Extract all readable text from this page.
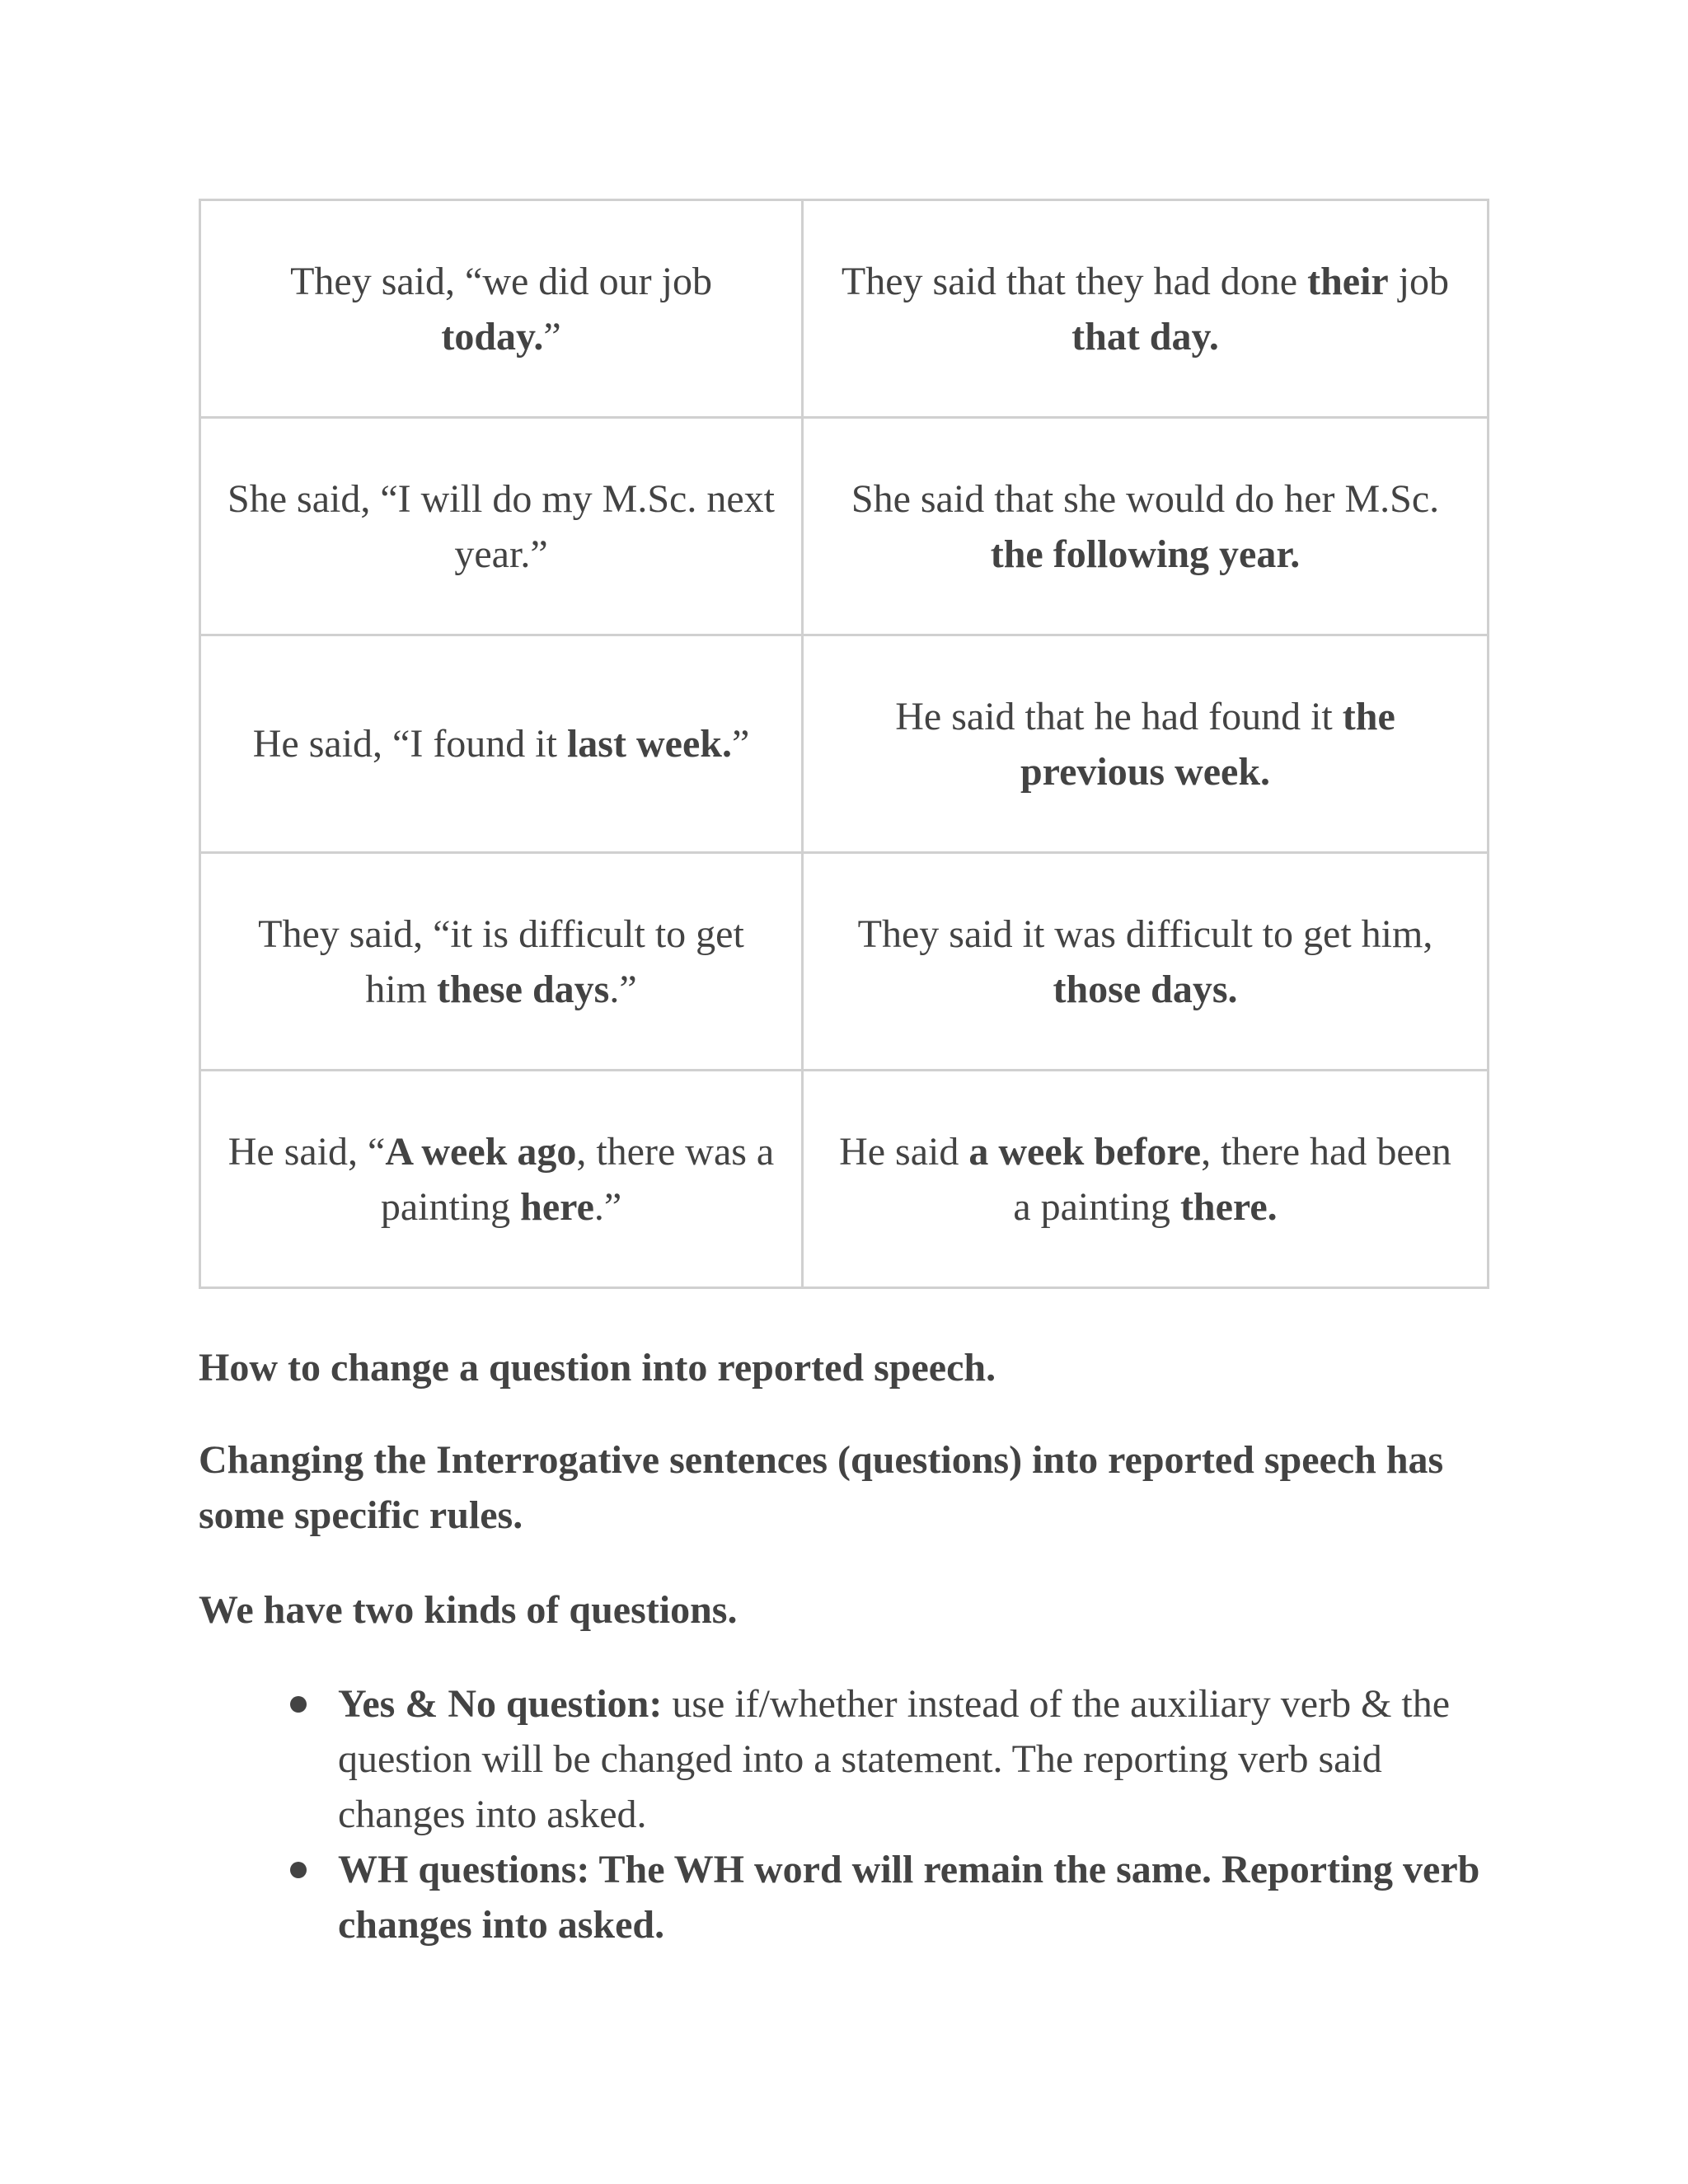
They said, “we did our job today.”	They said that they had done their job that day.
She said, “I will do my M.Sc. next year.”	She said that she would do her M.Sc. the following year.
He said, “I found it last week.”	He said that he had found it the previous week.
They said, “it is difficult to get him these days.”	They said it was difficult to get him, those days.
He said, “A week ago, there was a painting here.”	He said a week before, there had been a painting there.

How to change a question into reported speech.

Changing the Interrogative sentences (questions) into reported speech has some specific rules.

We have two kinds of questions.

Yes & No question: use if/whether instead of the auxiliary verb & the question will be changed into a statement. The reporting verb said changes into asked.
WH questions: The WH word will remain the same. Reporting verb changes into asked.
